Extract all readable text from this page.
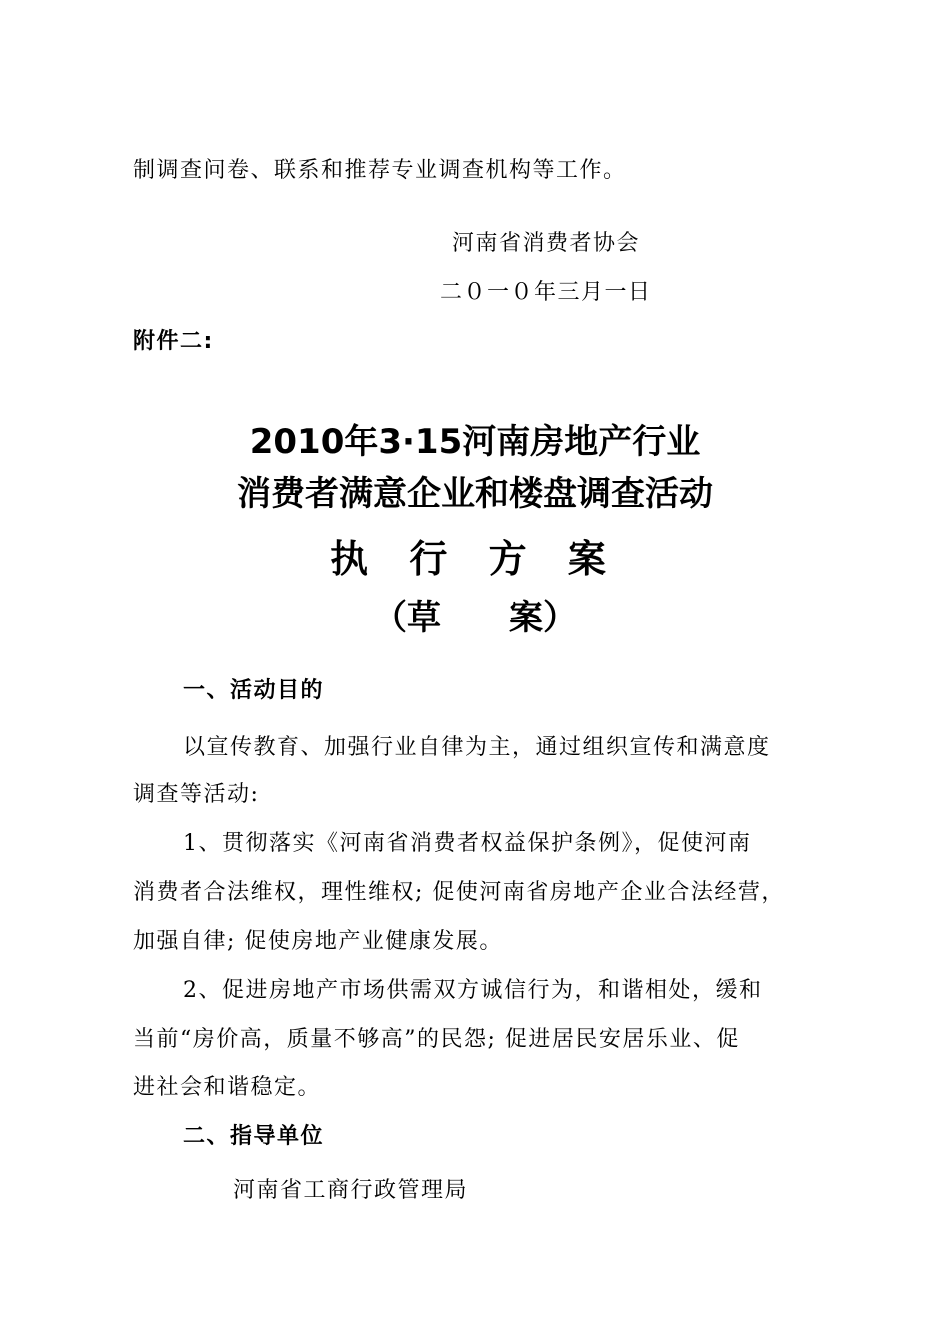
制调查问卷、联系和推荐专业调查机构等工作。

河南省消费者协会

二０一０年三月一日

附件二:

2010年3·15河南房地产行业
消费者满意企业和楼盘调查活动
执 行 方 案
（草　　案）

一、活动目的

以宣传教育、加强行业自律为主，通过组织宣传和满意度

调查等活动:

1、贯彻落实《河南省消费者权益保护条例》，促使河南

消费者合法维权，理性维权; 促使河南省房地产企业合法经营，

加强自律; 促使房地产业健康发展。

2、促进房地产市场供需双方诚信行为，和谐相处，缓和

当前“房价高，质量不够高”的民怨; 促进居民安居乐业、促

进社会和谐稳定。

二、指导单位

河南省工商行政管理局
